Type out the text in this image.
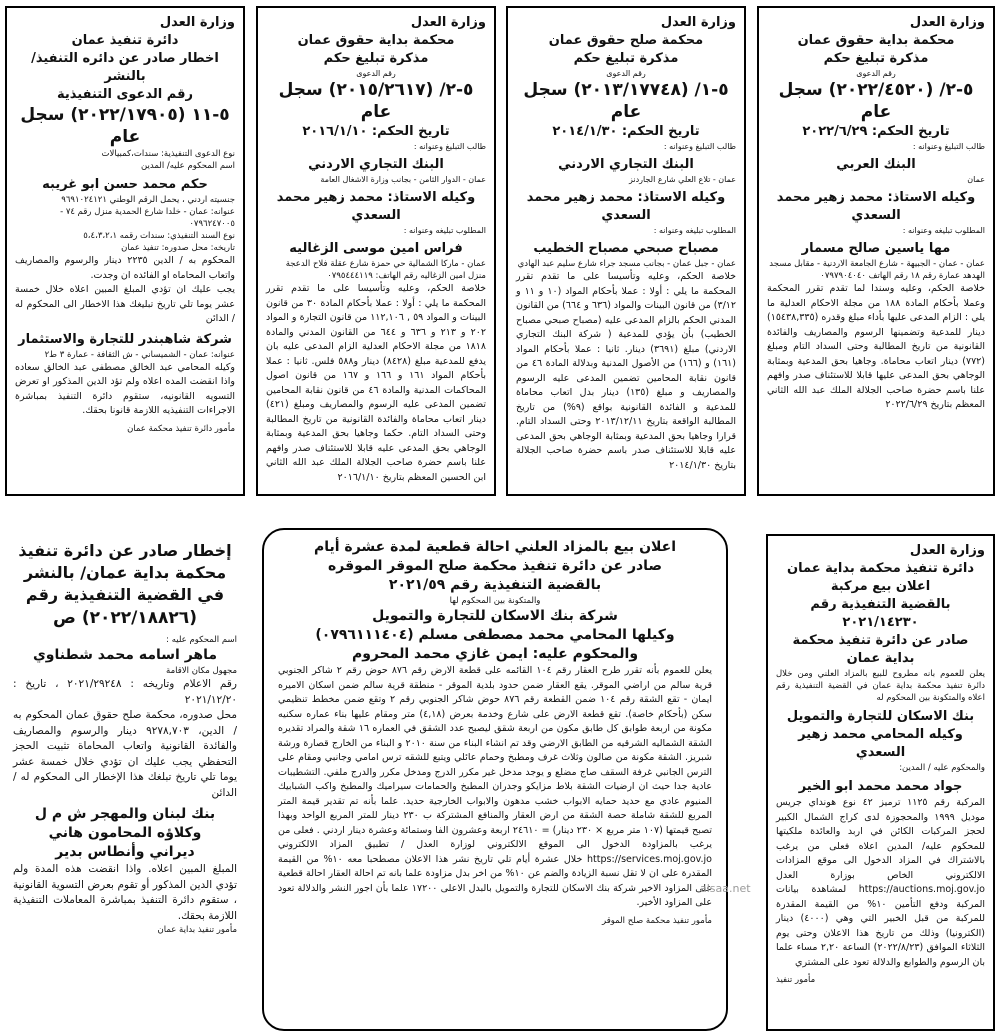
وزارة العدل
محكمة بداية حقوق عمان
مذكرة تبليغ حكم
رقم الدعوى
٥-٢/ (٢٠٢٢/٤٥٢٠) سجل عام
تاريخ الحكم: ٢٠٢٢/٦/٢٩
طالب التبليغ وعنوانه :
البنك العربي
عمان
وكيله الاستاذ: محمد زهير محمد السعدي
المطلوب تبليغه وعنوانه :
مها ياسين صالح مسمار
عمان - عمان - الجبيهة - شارع الجامعة الاردنية - مقابل مسجد الهدهد عمارة رقم ١٨ رقم الهاتف ٠٧٩٧٩٠٤٠٤٠
خلاصة الحكم، وعليه وسندا لما تقدم تقرر المحكمة وعملا بأحكام المادة ١٨٨ من مجلة الاحكام العدلية ما يلي : الزام المدعى عليها بأداء مبلغ وقدره (١٥٤٣٨,٣٣٥) دينار للمدعية وتضمينها الرسوم والمصاريف والفائدة القانونية من تاريخ المطالبة وحتى السداد التام ومبلغ (٧٧٢) دينار اتعاب محاماة. وجاهيا بحق المدعية وبمثابة الوجاهي بحق المدعى عليها قابلا للاستئناف صدر وافهم علنا باسم حضرة صاحب الجلالة الملك عبد الله الثاني المعظم بتاريخ ٢٠٢٢/٦/٢٩
وزارة العدل
محكمة صلح حقوق عمان
مذكرة تبليغ حكم
رقم الدعوى
٥-١/ (٢٠١٣/١٧٧٤٨) سجل عام
تاريخ الحكم: ٢٠١٤/١/٣٠
طالب التبليغ وعنوانه :
البنك التجاري الاردني
عمان - تلاع العلي شارع الجاردنز
وكيله الاستاذ: محمد زهير محمد السعدي
المطلوب تبليغه وعنوانه :
مصباح صبحي مصباح الخطيب
عمان - جبل عمان - بجانب مسجد جراء شارع سليم عبد الهادي
خلاصة الحكم، وعليه وتأسيسا على ما تقدم تقرر المحكمة ما يلي : أولا : عملا بأحكام المواد (١٠ و ١١ و ٣/١٢) من قانون البينات والمواد (٦٣٦ و ٦٦٤) من القانون المدني الحكم بالزام المدعى عليه (مصباح صبحي مصباح الخطيب) بأن يؤدي للمدعية ( شركة البنك التجاري الاردني) مبلغ (٣٦٩١) دينار. ثانيا : عملا بأحكام المواد (١٦١) و (١٦٦) من الأصول المدنية وبدلالة المادة ٤٦ من قانون نقابة المحامين تضمين المدعى عليه الرسوم والمصاريف و مبلغ (١٣٥) دينار بدل اتعاب محاماة للمدعية و الفائدة القانونية بواقع (٩%) من تاريخ المطالبة الواقعة بتاريخ ٢٠١٣/١٢/١١ وحتى السداد التام. قرارا وجاهيا بحق المدعية وبمثابة الوجاهي بحق المدعى عليه قابلا للاستئناف صدر باسم حضرة صاحب الجلالة بتاريخ ٢٠١٤/١/٣٠
وزارة العدل
محكمة بداية حقوق عمان
مذكرة تبليغ حكم
رقم الدعوى
٥-٢/ (٢٠١٥/٢٦١٧) سجل عام
تاريخ الحكم: ٢٠١٦/١/١٠
طالب التبليغ وعنوانه :
البنك التجاري الاردني
عمان - الدوار الثامن - بجانب وزارة الاشغال العامة
وكيله الاستاذ: محمد زهير محمد السعدي
المطلوب تبليغه وعنوانه :
فراس امين موسى الزغاليه
عمان - ماركا الشمالية حي حمزة شارع عقلة فلاح الدعجة منزل امين الزغاليه رقم الهاتف: ٠٧٩٥٤٤٤١١٩
خلاصة الحكم، وعليه وتأسيسا على ما تقدم تقرر المحكمة ما يلي : أولا : عملا بأحكام المادة ٣٠ من قانون البينات و المواد ٥٩ , ١١٢,١٠٦ من قانون التجارة و المواد ٢٠٢ و ٢١٣ و ٦٣٦ و ٦٤٤ من القانون المدني والمادة ١٨١٨ من مجلة الاحكام العدلية الزام المدعى عليه بان يدفع للمدعية مبلغ (٨٤٢٨) دينار و٥٨٨ فلس. ثانيا : عملا بأحكام المواد ١٦١ و ١٦٦ و ١٦٧ من قانون اصول المحاكمات المدنية والمادة ٤٦ من قانون نقابة المحامين تضمين المدعى عليه الرسوم والمصاريف ومبلغ (٤٢١) دينار اتعاب محاماة والفائدة القانونية من تاريخ المطالبة وحتى السداد التام. حكما وجاهيا بحق المدعية وبمثابة الوجاهي بحق المدعى عليه قابلا للاستئناف صدر وافهم علنا باسم حضرة صاحب الجلالة الملك عبد الله الثاني ابن الحسين المعظم بتاريخ ٢٠١٦/١/١٠
وزارة العدل
دائرة تنفيذ عمان
اخطار صادر عن دائره التنفيذ/ بالنشر
رقم الدعوى التنفيذية
٥-١١ (٢٠٢٢/١٧٩٠٥) سجل عام
نوع الدعوى التنفيذية: سندات،كمبيالات
اسم المحكوم عليه/ المدين
حكم محمد حسن ابو غريبه
جنسيته اردني ، يحمل الرقم الوطني ٩٦٩١٠٢٤١٢١
عنوانه: عمان - خلدا شارع الحمدية منزل رقم ٧٤ - ٠٧٩٦٢٤٧٠٠٥
نوع السند التنفيذي: سندات رقمه ٥،٤،٣،٢،١
تاريخه: محل صدوره: تنفيذ عمان
المحكوم به / الدين ٢٢٣٥ دينار والرسوم والمصاريف واتعاب المحاماه او الفائده ان وجدت.
يجب عليك ان تؤدي المبلغ المبين اعلاه خلال خمسة عشر يوما تلي تاريخ تبليغك هذا الاخطار الى المحكوم له / الدائن
شركة شاهبندر للتجارة والاستثمار
عنوانه: عمان - الشميساني - ش الثقافة - عمارة ٣ ط٢
وكيله المحامي عبد الخالق مصطفى عبد الخالق سعاده واذا انقضت المده اعلاه ولم تؤد الدين المذكور او تعرض التسويه القانونيه، ستقوم دائرة التنفيذ بمباشرة الاجراءات التنفيذيه اللازمة قانونا بحقك.
مأمور دائرة تنفيذ محكمة عمان
وزارة العدل
دائرة تنفيذ محكمة بداية عمان
اعلان بيع مركبة
بالقضية التنفيذية رقم ٢٠٢١/١٤٢٣٠
صادر عن دائرة تنفيذ محكمة بداية عمان
يعلن للعموم بانه مطروح للبيع بالمزاد العلني ومن خلال دائرة تنفيذ محكمة بداية عمان في القضية التنفيذية رقم اعلاه والمتكونة بين المحكوم له
بنك الاسكان للتجارة والتمويل
وكيله المحامي محمد زهير السعدي
والمحكوم عليه / المدين:
جواد محمد محمد ابو الخير
المركبة رقم ١١٢٥ ترميز ٤٢ نوع هونداي جريس موديل ١٩٩٩ والمحجوزة لدى كراج الشمال الكبير لحجز المركبات الكائن في اربد والعائدة ملكيتها للمحكوم عليه/ المدين اعلاه فعلى من يرغب بالاشتراك في المزاد الدخول الى موقع المزادات الالكتروني الخاص بوزارة العدل https://auctions.moj.gov.jo لمشاهدة بيانات المركبة ودفع التأمين ١٠% من القيمة المقدرة للمركبة من قبل الخبير التي وهي (٤٠٠٠) دينار (الكترونيا) وذلك من تاريخ هذا الاعلان وحتى يوم الثلاثاء الموافق (٢٠٢٢/٨/٢٣) الساعة ٢,٢٠ مساء علما بان الرسوم والطوابع والدلالة تعود على المشتري
مأمور تنفيذ
اعلان بيع بالمزاد العلني احالة قطعية لمدة عشرة أيام
صادر عن دائرة تنفيذ محكمة صلح الموقر الموقره
بالقضية التنفيذية رقم ٢٠٢١/٥٩
والمتكونة بين المحكوم لها
شركة بنك الاسكان للتجارة والتمويل
وكيلها المحامي محمد مصطفى مسلم (٠٧٩٦١١١٤٠٤)
والمحكوم عليه: ايمن غازي محمد المحروم
يعلن للعموم بأنه تقرر طرح العقار رقم ١٠٤ القائمه على قطعة الارض رقم ٨٧٦ حوض رقم ٢ شاكر الجنوبي قرية سالم من اراضي الموقر. يقع العقار ضمن حدود بلدية الموقر - منطقة قرية سالم ضمن اسكان الاميره ايمان - تقع الشقة رقم ١٠٤ ضمن القطعة رقم ٨٧٦ حوض شاكر الجنوبي رقم ٢ وتقع ضمن مخطط تنظيمي سكن (بأحكام خاصة). تقع قطعة الارض على شارع وخدمة بعرض (٤,١٨) متر ومقام عليها بناء عماره سكنيه مكونة من اربعة طوابق كل طابق مكون من اربعة شقق ليصبح عدد الشقق في العماره ١٦ شقة والمراد تقديره الشقة الشماليه الشرقيه من الطابق الارضي وقد تم انشاء البناء من سنة ٢٠١٠ و البناء من الخارج قصارة ورشة شبريز. الشقة مكونة من صالون وثلاث غرف ومطبخ وحمام عائلي ويتبع للشقه ترس امامي وجانبي ومقام على الترس الجانبي غرفة السقف صاج مضلع و يوجد مدخل غير مكرر الدرج ومدخل مكرر والدرج ملفي. التشطيبات عادية جدا حيث ان ارضيات الشقة بلاط مزايكو وجدران المطبخ والحمامات سيراميك والمطبخ واكب الشبابيك المنيوم عادي مع حديد حمايه الابواب خشب مدهون والابواب الخارجية حديد. علما بأنه تم تقدير قيمة المتر المربع للشقة شاملة حصة الشقة من ارض العقار والمنافع المشتركة ب ٢٣٠ دينار للمتر المربع الواحد وبهذا تصبح قيمتها (١٠٧ متر مربع × ٢٣٠ دينار) = ٢٤٦١٠ اربعة وعشرون الفا وستمائة وعشرة دينار اردني . فعلى من يرغب بالمزاودة الدخول الى الموقع الالكتروني لوزارة العدل / تطبيق المزاد الالكتروني https://services.moj.gov.jo خلال عشرة أيام تلي تاريخ نشر هذا الاعلان مصطحبا معه ١٠% من القيمة المقدرة على ان لا تقل نسبة الزيادة والضم عن ١٠% من اخر بدل مزاودة علما بانه تم احالة العقار احالة قطعية على المزاود الاخير شركة بنك الاسكان للتجارة والتمويل بالبدل الاعلى ١٧٢٠٠ علما بأن اجور النشر والدلالة تعود على المزاود الأخير.
مأمور تنفيذ محكمة صلح الموقر
إخطار صادر عن دائرة تنفيذ محكمة بداية عمان/ بالنشر في القضية التنفيذية رقم
(٢٠٢٢/١٨٨٢٦) ص
اسم المحكوم عليه :
ماهر اسامه محمد شطناوي
مجهول مكان الاقامة
رقم الاعلام وتاريخه : ٢٠٢١/٢٩٢٤٨ ، تاريخ : ٢٠٢١/١٢/٢٠
محل صدوره، محكمة صلح حقوق عمان المحكوم به / الدين، ٩٢٧٨,٧٠٣ دينار والرسوم والمصاريف والفائدة القانونية واتعاب المحاماة تثبيت الحجز التحفظي يجب عليك ان تؤدي خلال خمسة عشر يوما تلي تاريخ تبلغك هذا الإخطار الى المحكوم له / الدائن
بنك لبنان والمهجر ش م ل
وكلاؤه المحامون هاني
ديراني وأنطاس بدير
المبلغ المبين اعلاه. واذا انقضت هذه المدة ولم تؤدي الدين المذكور أو تقوم بعرض التسوية القانونية ، ستقوم دائرة التنفيذ بمباشرة المعاملات التنفيذية اللازمة بحقك.
مأمور تنفيذ بداية عمان
alsaa.net
